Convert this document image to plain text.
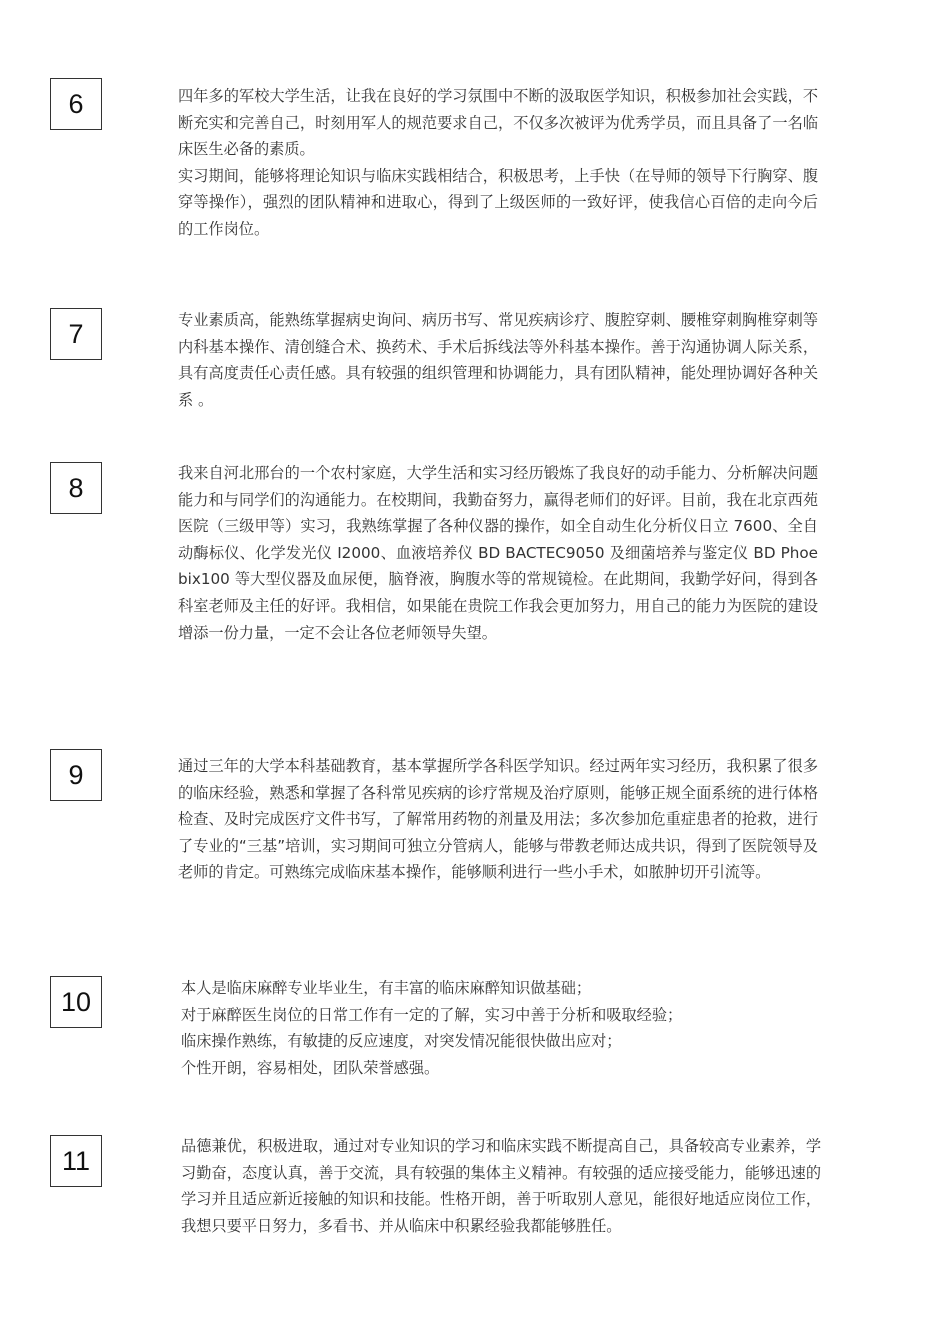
6	四年多的军校大学生活，让我在良好的学习氛围中不断的汲取医学知识，积极参加社会实践，不断充实和完善自己，时刻用军人的规范要求自己，不仅多次被评为优秀学员，而且具备了一名临床医生必备的素质。

实习期间，能够将理论知识与临床实践相结合，积极思考，上手快（在导师的领导下行胸穿、腹穿等操作），强烈的团队精神和进取心，得到了上级医师的一致好评，使我信心百倍的走向今后的工作岗位。

7	专业素质高，能熟练掌握病史询问、病历书写、常见疾病诊疗、腹腔穿刺、腰椎穿刺胸椎穿刺等内科基本操作、清创缝合术、换药术、手术后拆线法等外科基本操作。善于沟通协调人际关系，具有高度责任心责任感。具有较强的组织管理和协调能力，具有团队精神，能处理协调好各种关系 。

8	我来自河北邢台的一个农村家庭，大学生活和实习经历锻炼了我良好的动手能力、分析解决问题能力和与同学们的沟通能力。在校期间，我勤奋努力，赢得老师们的好评。目前，我在北京西苑医院（三级甲等）实习，我熟练掌握了各种仪器的操作，如全自动生化分析仪日立 7600、全自动酶标仪、化学发光仪 I2000、血液培养仪 BD BACTEC9050 及细菌培养与鉴定仪 BD Phoebix100 等大型仪器及血尿便，脑脊液，胸腹水等的常规镜检。在此期间，我勤学好问，得到各科室老师及主任的好评。我相信，如果能在贵院工作我会更加努力，用自己的能力为医院的建设增添一份力量，一定不会让各位老师领导失望。

9	通过三年的大学本科基础教育，基本掌握所学各科医学知识。经过两年实习经历，我积累了很多的临床经验，熟悉和掌握了各科常见疾病的诊疗常规及治疗原则，能够正规全面系统的进行体格检查、及时完成医疗文件书写，了解常用药物的剂量及用法；多次参加危重症患者的抢救，进行了专业的“三基”培训，实习期间可独立分管病人，能够与带教老师达成共识，得到了医院领导及老师的肯定。可熟练完成临床基本操作，能够顺利进行一些小手术，如脓肿切开引流等。

10	本人是临床麻醉专业毕业生，有丰富的临床麻醉知识做基础；

对于麻醉医生岗位的日常工作有一定的了解，实习中善于分析和吸取经验；

临床操作熟练，有敏捷的反应速度，对突发情况能很快做出应对；

个性开朗，容易相处，团队荣誉感强。

11	品德兼优，积极进取，通过对专业知识的学习和临床实践不断提高自己，具备较高专业素养，学习勤奋，态度认真，善于交流，具有较强的集体主义精神。有较强的适应接受能力，能够迅速的学习并且适应新近接触的知识和技能。性格开朗，善于听取别人意见，能很好地适应岗位工作，我想只要平日努力，多看书、并从临床中积累经验我都能够胜任。
